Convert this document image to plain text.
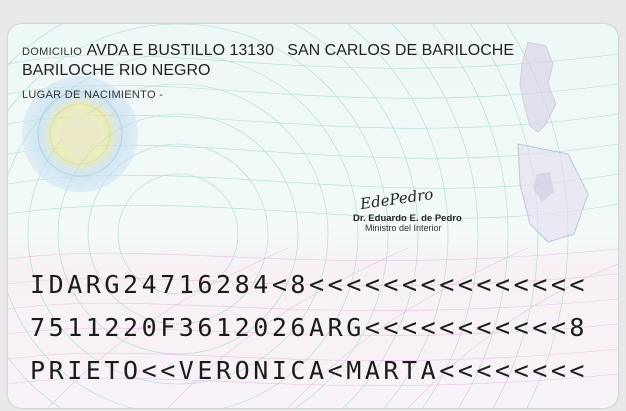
DOMICILIO AVDA E BUSTILLO 13130   SAN CARLOS DE BARILOCHE
BARILOCHE RIO NEGRO
LUGAR DE NACIMIENTO -
EdePedro
Dr. Eduardo E. de Pedro
Ministro del Interior
IDARG24716284<8<<<<<<<<<<<<<<<
7511220F3612026ARG<<<<<<<<<<<8
PRIETO<<VERONICA<MARTA<<<<<<<<
